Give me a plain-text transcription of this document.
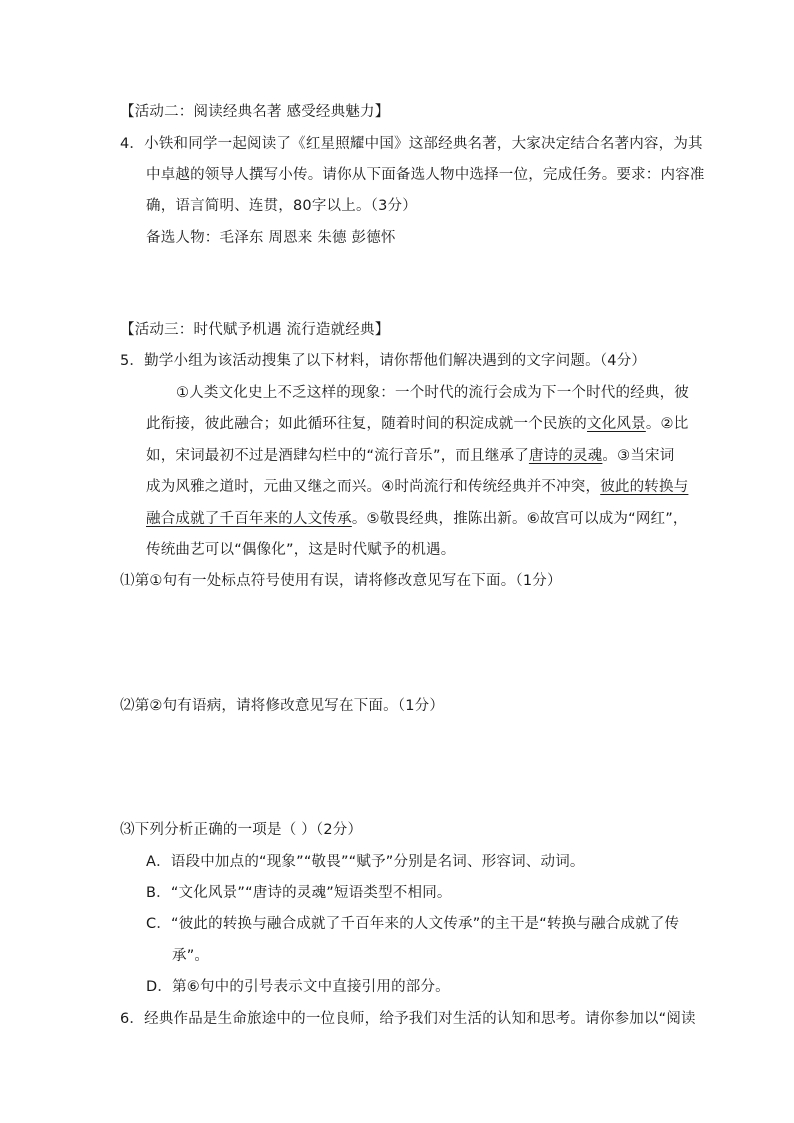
【活动二：阅读经典名著 感受经典魅力】
4．小铁和同学一起阅读了《红星照耀中国》这部经典名著，大家决定结合名著内容，为其
中卓越的领导人撰写小传。请你从下面备选人物中选择一位，完成任务。要求：内容准
确，语言简明、连贯，80字以上。（3分）
备选人物：毛泽东 周恩来 朱德 彭德怀
【活动三：时代赋予机遇 流行造就经典】
5．勤学小组为该活动搜集了以下材料，请你帮他们解决遇到的文字问题。（4分）
①人类文化史上不乏这样的现象：一个时代的流行会成为下一个时代的经典，彼
此衔接，彼此融合；如此循环往复，随着时间的积淀成就一个民族的文化风景。②比
如，宋词最初不过是酒肆勾栏中的“流行音乐”，而且继承了唐诗的灵魂。③当宋词
成为风雅之道时，元曲又继之而兴。④时尚流行和传统经典并不冲突，彼此的转换与
融合成就了千百年来的人文传承。⑤敬畏经典，推陈出新。⑥故宫可以成为“网红”，
传统曲艺可以“偶像化”，这是时代赋予的机遇。
⑴第①句有一处标点符号使用有误，请将修改意见写在下面。（1分）
⑵第②句有语病，请将修改意见写在下面。（1分）
⑶下列分析正确的一项是（ ）（2分）
A．语段中加点的“现象”“敬畏”“赋予”分别是名词、形容词、动词。
B．“文化风景”“唐诗的灵魂”短语类型不相同。
C．“彼此的转换与融合成就了千百年来的人文传承”的主干是“转换与融合成就了传
承”。
D．第⑥句中的引号表示文中直接引用的部分。
6．经典作品是生命旅途中的一位良师，给予我们对生活的认知和思考。请你参加以“阅读
